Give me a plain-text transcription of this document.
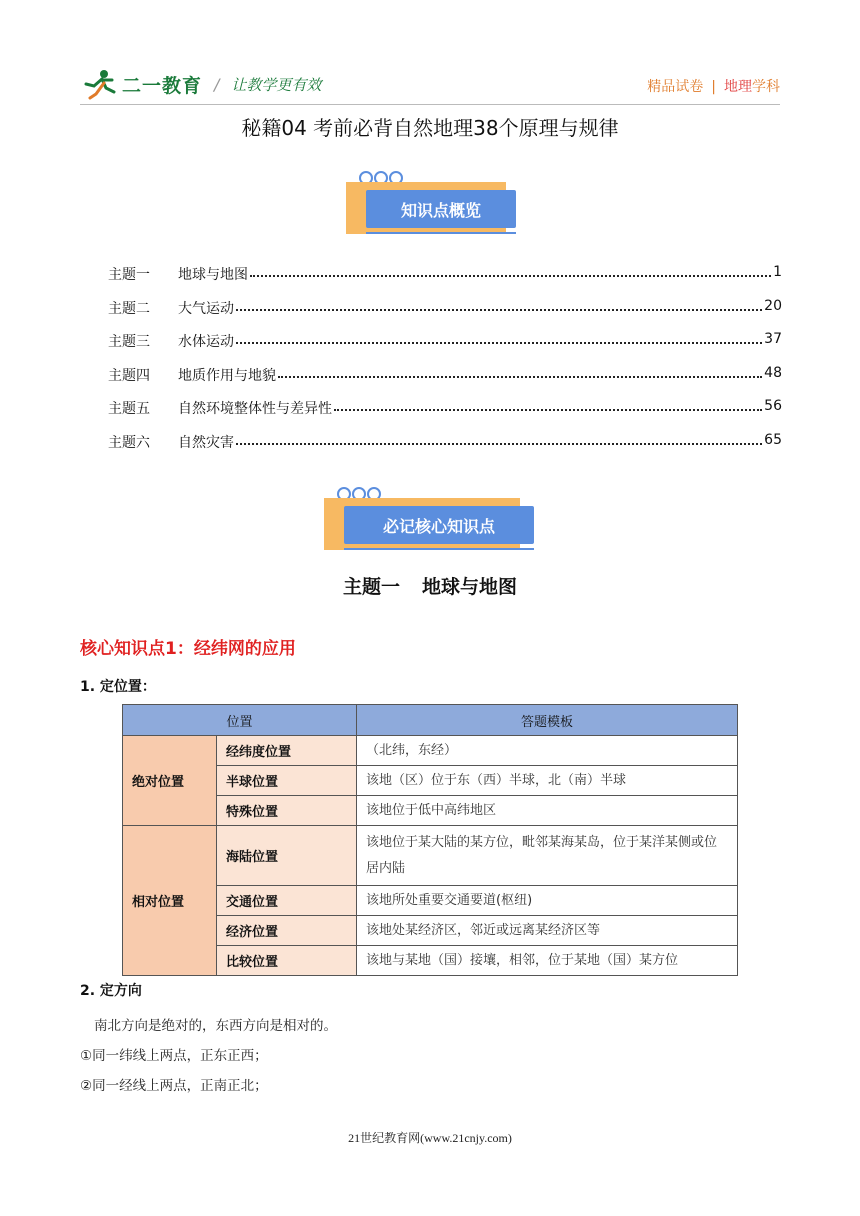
二一教育 / 让教学更有效	精品试卷 | 地理学科
秘籍04 考前必背自然地理38个原理与规律
知识点概览
主题一	地球与地图	1
主题二	大气运动	20
主题三	水体运动	37
主题四	地质作用与地貌	48
主题五	自然环境整体性与差异性	56
主题六	自然灾害	65
必记核心知识点
主题一 地球与地图
核心知识点1：经纬网的应用
1. 定位置：
位置		答题模板
绝对位置	经纬度位置	（北纬，东经）
	半球位置	该地（区）位于东（西）半球，北（南）半球
	特殊位置	该地位于低中高纬地区
相对位置	海陆位置	该地位于某大陆的某方位，毗邻某海某岛，位于某洋某侧或位居内陆
	交通位置	该地所处重要交通要道(枢纽)
	经济位置	该地处某经济区，邻近或远离某经济区等
	比较位置	该地与某地（国）接壤，相邻，位于某地（国）某方位
2. 定方向
南北方向是绝对的，东西方向是相对的。
①同一纬线上两点，正东正西；
②同一经线上两点，正南正北；
21世纪教育网(www.21cnjy.com)
